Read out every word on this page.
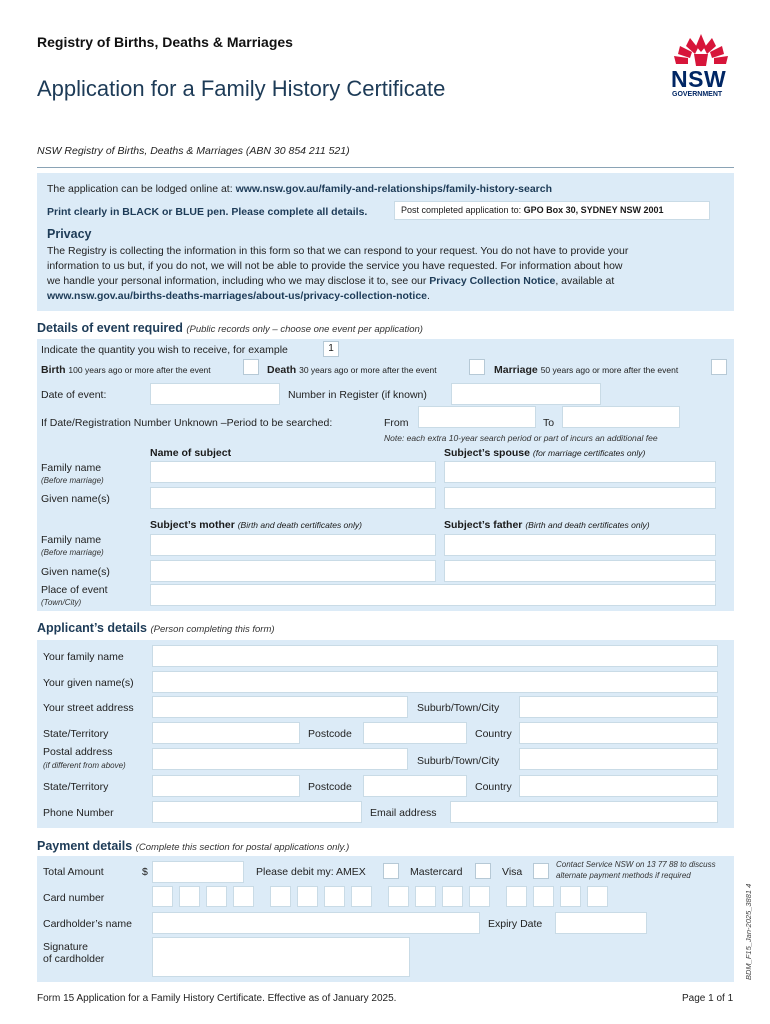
Registry of Births, Deaths & Marriages
Application for a Family History Certificate	NSW
GOVERNMENT
NSW Registry of Births, Deaths & Marriages (ABN 30 854 211 521)
The application can be lodged online at: www.nsw.gov.au/family-and-relationships/family-history-search
Print clearly in BLACK or BLUE pen. Please complete all details.	Post completed application to: GPO Box 30, SYDNEY NSW 2001
Privacy
The Registry is collecting the information in this form so that we can respond to your request. You do not have to provide your
information to us but, if you do not, we will not be able to provide the service you have requested. For information about how
we handle your personal information, including who we may disclose it to, see our Privacy Collection Notice, available at
www.nsw.gov.au/births-deaths-marriages/about-us/privacy-collection-notice.
Details of event required (Public records only – choose one event per application)
Indicate the quantity you wish to receive, for example	1
Birth 100 years ago or more after the event	Death 30 years ago or more after the event	Marriage 50 years ago or more after the event
Date of event:	Number in Register (if known)
If Date/Registration Number Unknown –Period to be searched:	From	To
Note: each extra 10-year search period or part of incurs an additional fee
Name of subject	Subject’s spouse (for marriage certificates only)
Family name
(Before marriage)
Given name(s)
Subject’s mother (Birth and death certificates only)	Subject’s father (Birth and death certificates only)
Family name
(Before marriage)
Given name(s)
Place of event
(Town/City)
Applicant’s details (Person completing this form)
Your family name
Your given name(s)
Your street address	Suburb/Town/City
State/Territory	Postcode	Country
Postal address
(if different from above)	Suburb/Town/City
State/Territory	Postcode	Country
Phone Number	Email address
Payment details (Complete this section for postal applications only.)
Total Amount	$	Please debit my: AMEX	Mastercard	Visa
Contact Service NSW on 13 77 88 to discuss
alternate payment methods if required
Card number
Cardholder’s name	Expiry Date
Signature
of cardholder	BDM_F15_Jan-2025_3881 4
Form 15 Application for a Family History Certificate. Effective as of January 2025.	Page 1 of 1
